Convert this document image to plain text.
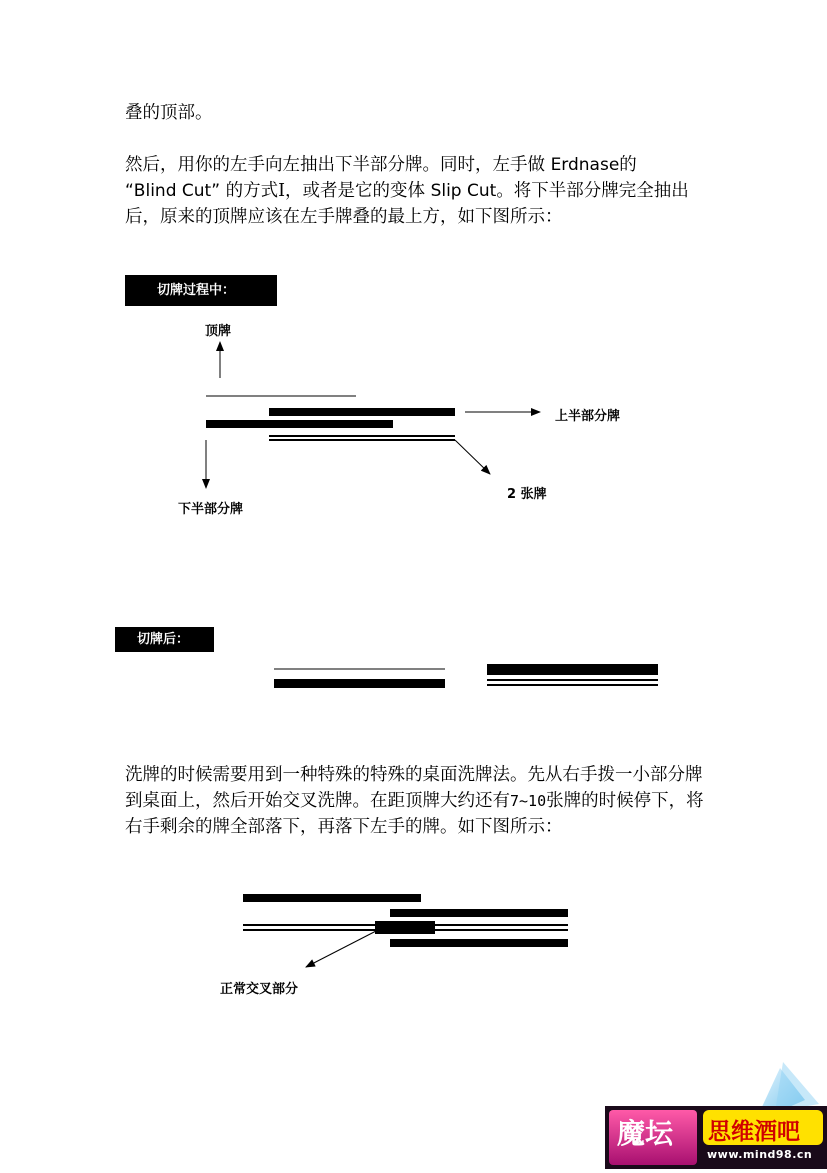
叠的顶部。

然后，用你的左手向左抽出下半部分牌。同时，左手做 Erdnase的
“Blind Cut” 的方式I，或者是它的变体 Slip Cut。将下半部分牌完全抽出后，原来的顶牌应该在左手牌叠的最上方，如下图所示：

切牌过程中：
顶牌
上半部分牌
2 张牌
下半部分牌
切牌后：

洗牌的时候需要用到一种特殊的特殊的桌面洗牌法。先从右手拨一小部分牌到桌面上，然后开始交叉洗牌。在距顶牌大约还有7~10张牌的时候停下，将右手剩余的牌全部落下，再落下左手的牌。如下图所示：

正常交叉部分
魔坛 思维酒吧
www.mind98.cn
